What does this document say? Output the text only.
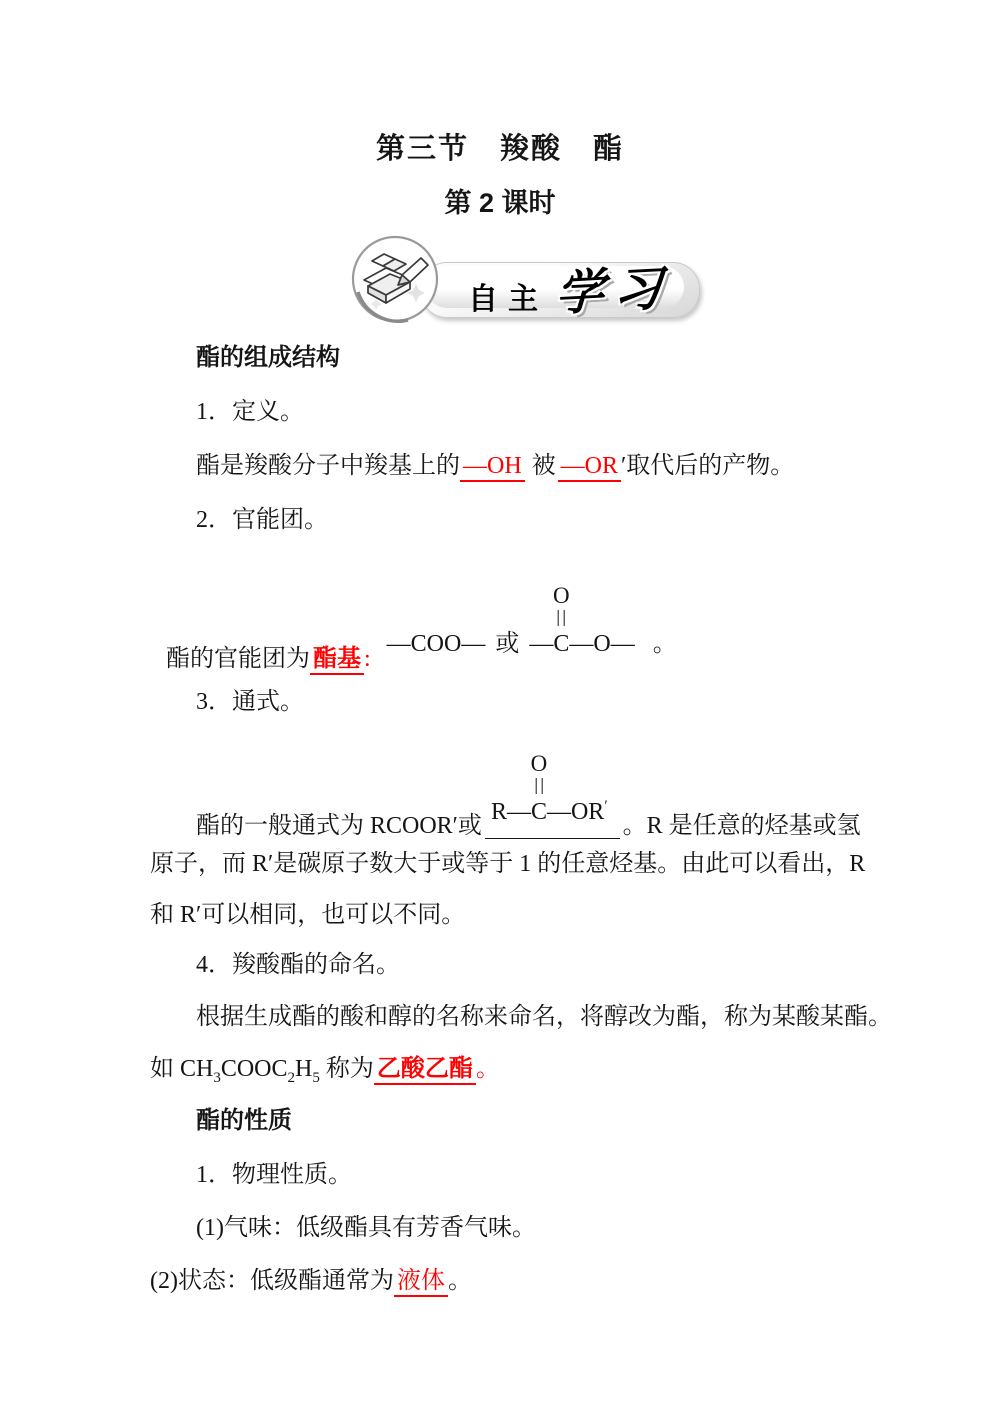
第三节　羧酸　酯
第 2 课时
自主 学习
酯的组成结构
1．定义。
酯是羧酸分子中羧基上的 —OH 被 —OR ′取代后的产物。
2．官能团。
酯的官能团为 酯基 :—COO— 或 —C
O
—O— 。
3．通式。
酯的一般通式为 RCOOR′或R—C
O
—OR′。R 是任意的烃基或氢
原子，而 R′是碳原子数大于或等于 1 的任意烃基。由此可以看出，R
和 R′可以相同，也可以不同。
4．羧酸酯的命名。
根据生成酯的酸和醇的名称来命名，将醇改为酯，称为某酸某酯。
如 $CH_3COOC_2H_5$ 称为 乙酸乙酯 。
酯的性质
1．物理性质。
(1)气味：低级酯具有芳香气味。
(2)状态：低级酯通常为 液体 。
